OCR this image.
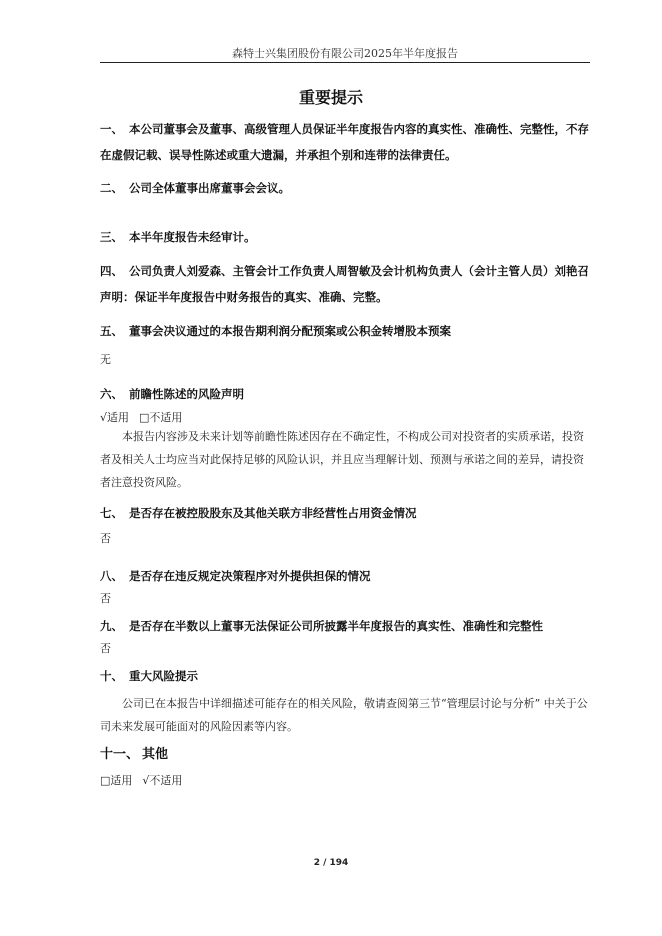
森特士兴集团股份有限公司2025年半年度报告
重要提示
一、 本公司董事会及董事、高级管理人员保证半年度报告内容的真实性、准确性、完整性，不存在虚假记载、误导性陈述或重大遗漏，并承担个别和连带的法律责任。
二、 公司全体董事出席董事会会议。
三、 本半年度报告未经审计。
四、 公司负责人刘爱森、主管会计工作负责人周智敏及会计机构负责人（会计主管人员）刘艳召声明：保证半年度报告中财务报告的真实、准确、完整。
五、 董事会决议通过的本报告期利润分配预案或公积金转增股本预案
无
六、 前瞻性陈述的风险声明
√适用 □不适用
本报告内容涉及未来计划等前瞻性陈述因存在不确定性，不构成公司对投资者的实质承诺，投资者及相关人士均应当对此保持足够的风险认识，并且应当理解计划、预测与承诺之间的差异，请投资者注意投资风险。
七、 是否存在被控股股东及其他关联方非经营性占用资金情况
否
八、 是否存在违反规定决策程序对外提供担保的情况
否
九、 是否存在半数以上董事无法保证公司所披露半年度报告的真实性、准确性和完整性
否
十、 重大风险提示
公司已在本报告中详细描述可能存在的相关风险，敬请查阅第三节“管理层讨论与分析” 中关于公司未来发展可能面对的风险因素等内容。
十一、 其他
□适用 √不适用
2 / 194
